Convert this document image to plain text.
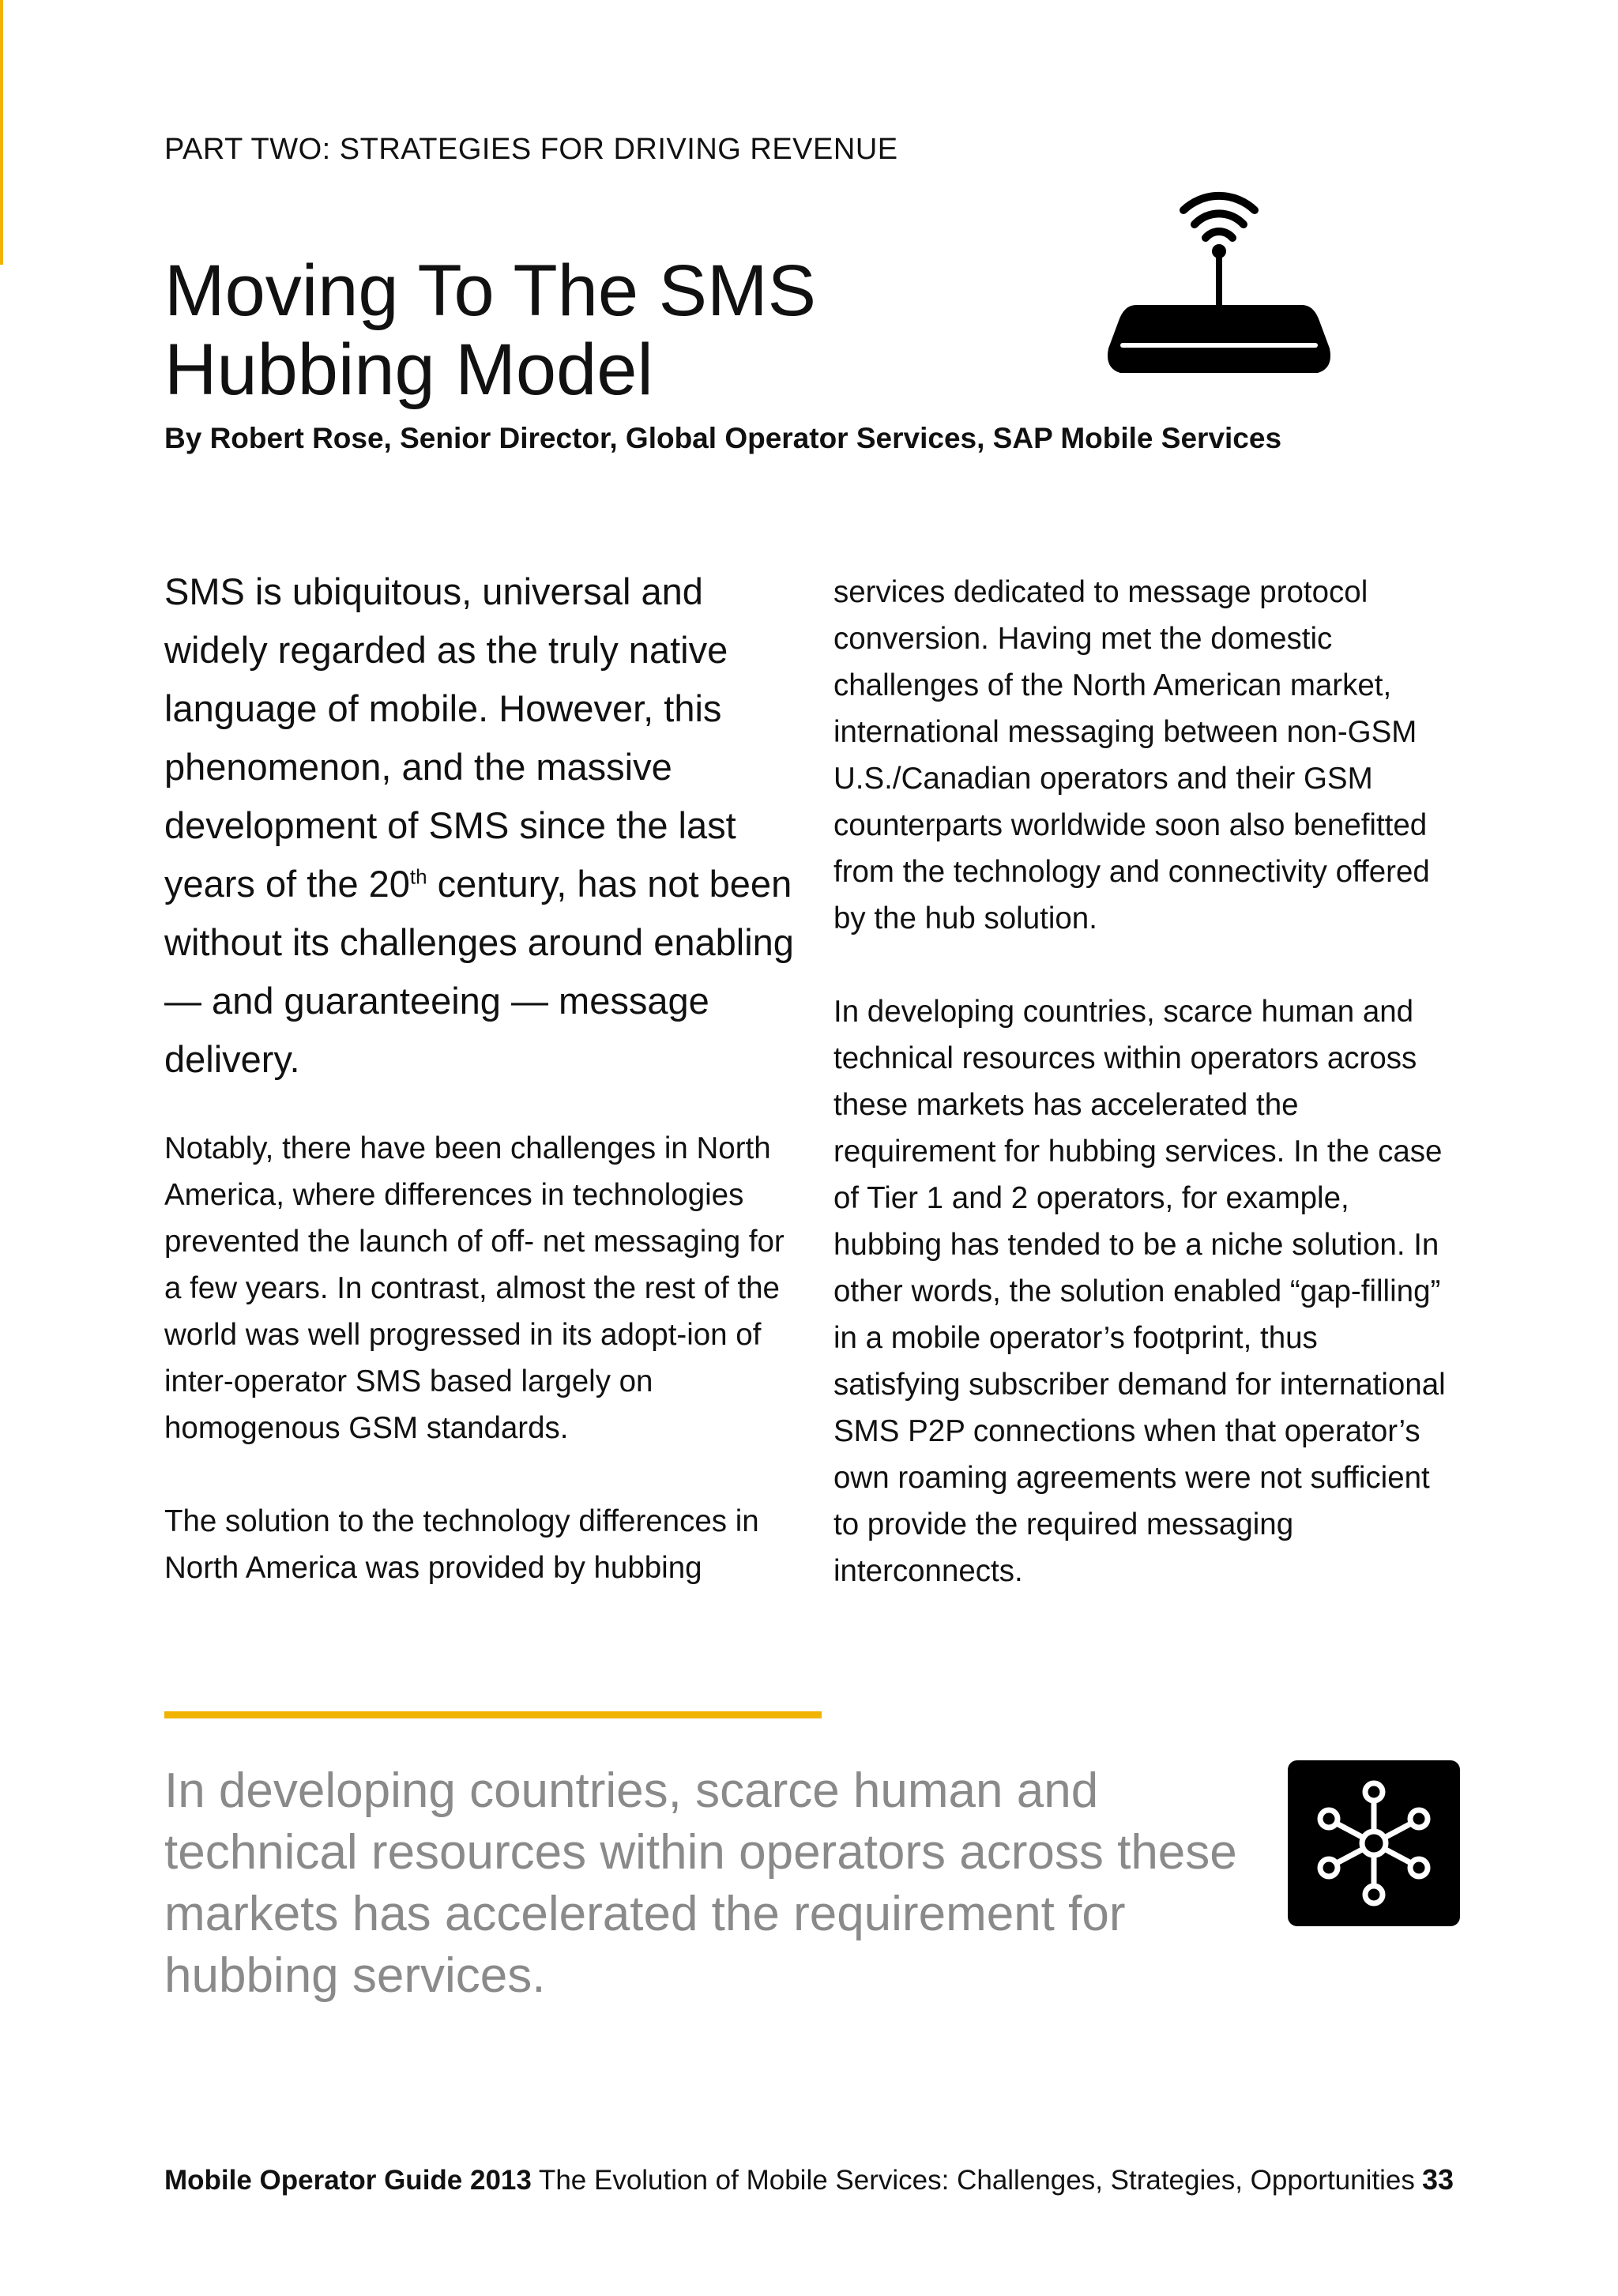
PART TWO: STRATEGIES FOR DRIVING REVENUE
Moving To The SMS
Hubbing Model
By Robert Rose, Senior Director, Global Operator Services, SAP Mobile Services

SMS is ubiquitous, universal and widely regarded as the truly native language of mobile. However, this phenomenon, and the massive development of SMS since the last years of the 20th century, has not been without its challenges around enabling — and guaranteeing — message delivery.

Notably, there have been challenges in North America, where differences in technologies prevented the launch of off- net messaging for a few years. In contrast, almost the rest of the world was well progressed in its adopt-ion of inter-operator SMS based largely on homogenous GSM standards.

The solution to the technology differences in North America was provided by hubbing

services dedicated to message protocol conversion. Having met the domestic challenges of the North American market, international messaging between non-GSM U.S./Canadian operators and their GSM counterparts worldwide soon also benefitted from the technology and connectivity offered by the hub solution.

In developing countries, scarce human and technical resources within operators across these markets has accelerated the requirement for hubbing services. In the case of Tier 1 and 2 operators, for example, hubbing has tended to be a niche solution. In other words, the solution enabled “gap-filling” in a mobile operator’s footprint, thus satisfying subscriber demand for international SMS P2P connections when that operator’s own roaming agreements were not sufficient to provide the required messaging interconnects.

In developing countries, scarce human and technical resources within operators across these markets has accelerated the requirement for hubbing services.

Mobile Operator Guide 2013 The Evolution of Mobile Services: Challenges, Strategies, Opportunities 33
